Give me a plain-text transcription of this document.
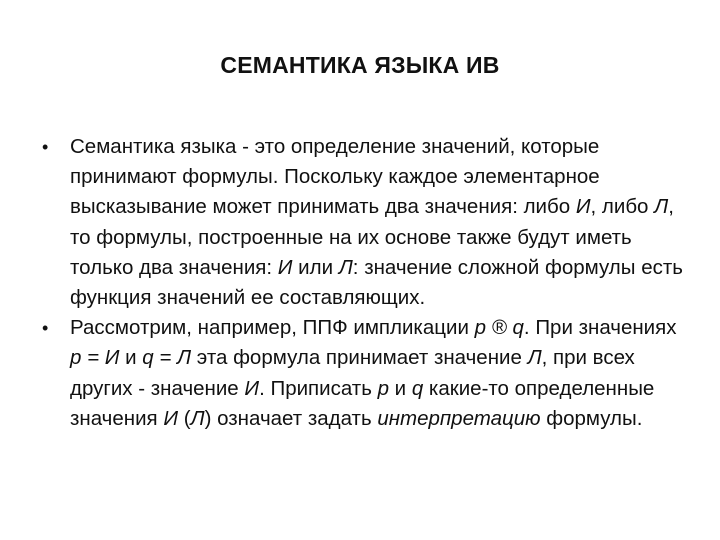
СЕМАНТИКА ЯЗЫКА ИВ
•	Семантика языка - это определение значений, которые принимают формулы. Поскольку каждое элементарное высказывание может принимать два значения: либо И, либо Л, то формулы, построенные на их основе также будут иметь только два значения: И или Л: значение сложной формулы есть функция значений ее составляющих.
•	Рассмотрим, например, ППФ импликации p ® q. При значениях p = И и q = Л эта формула принимает значение Л, при всех других - значение И. Приписать p и q какие-то определенные значения И (Л) означает задать интерпретацию формулы.
